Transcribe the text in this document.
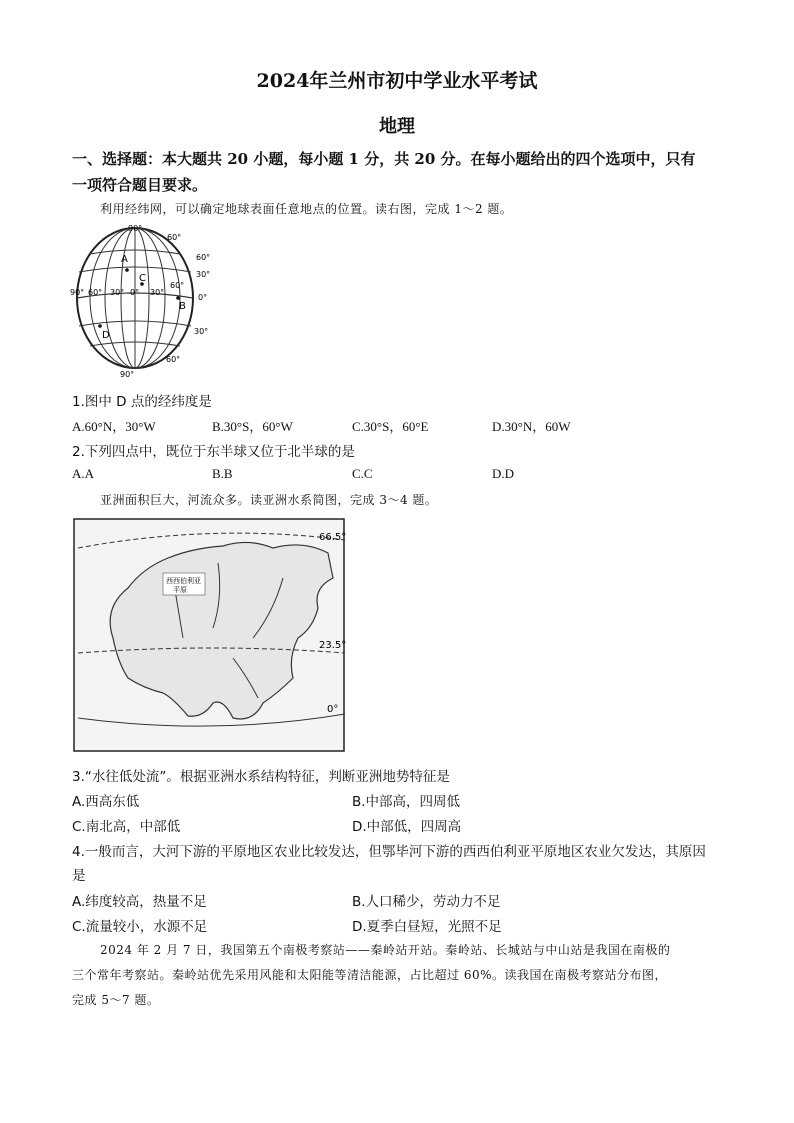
2024年兰州市初中学业水平考试
地理
一、选择题：本大题共 20 小题，每小题 1 分，共 20 分。在每小题给出的四个选项中，只有
一项符合题目要求。
利用经纬网，可以确定地球表面任意地点的位置。读右图，完成 1～2 题。
90°
60°
60°
30°
90° 60° 30° 0° 30°
60°
0°
30°
60°
90°
A
B
C
D
1.图中 D 点的经纬度是
A.60°N，30°W	B.30°S，60°W	C.30°S，60°E	D.30°N，60W
2.下列四点中，既位于东半球又位于北半球的是
A.A	B.B	C.C	D.D
亚洲面积巨大，河流众多。读亚洲水系简图，完成 3～4 题。
西西伯利亚
平原
66.5°
23.5°
0°
3.“水往低处流”。根据亚洲水系结构特征，判断亚洲地势特征是
A.西高东低	B.中部高，四周低
C.南北高，中部低	D.中部低，四周高
4.一般而言，大河下游的平原地区农业比较发达，但鄂毕河下游的西西伯利亚平原地区农业欠发达，其原因
是
A.纬度较高，热量不足	B.人口稀少，劳动力不足
C.流量较小，水源不足	D.夏季白昼短，光照不足
2024 年 2 月 7 日，我国第五个南极考察站——秦岭站开站。秦岭站、长城站与中山站是我国在南极的
三个常年考察站。秦岭站优先采用风能和太阳能等清洁能源，占比超过 60%。读我国在南极考察站分布图，
完成 5～7 题。
